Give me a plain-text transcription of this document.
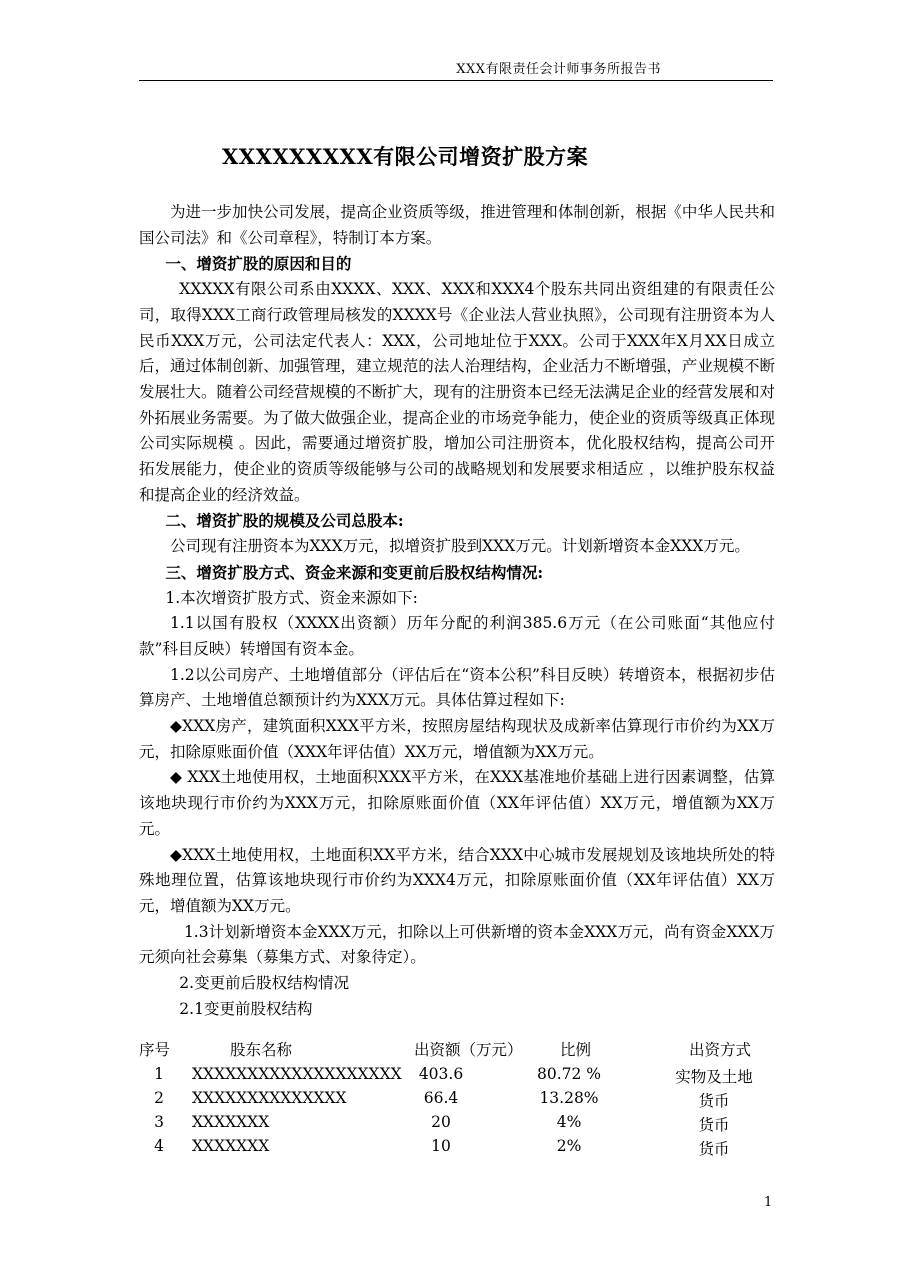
XXX有限责任会计师事务所报告书
XXXXXXXXX有限公司增资扩股方案

为进一步加快公司发展，提高企业资质等级，推进管理和体制创新，根据《中华人民共和国公司法》和《公司章程》，特制订本方案。

一、增资扩股的原因和目的

XXXXX有限公司系由XXXX、XXX、XXX和XXX4个股东共同出资组建的有限责任公司，取得XXX工商行政管理局核发的XXXX号《企业法人营业执照》，公司现有注册资本为人民币XXX万元，公司法定代表人：XXX，公司地址位于XXX。公司于XXX年X月XX日成立后，通过体制创新、加强管理，建立规范的法人治理结构，企业活力不断增强，产业规模不断发展壮大。随着公司经营规模的不断扩大，现有的注册资本已经无法满足企业的经营发展和对外拓展业务需要。为了做大做强企业，提高企业的市场竞争能力，使企业的资质等级真正体现公司实际规模 。因此，需要通过增资扩股，增加公司注册资本，优化股权结构，提高公司开拓发展能力，使企业的资质等级能够与公司的战略规划和发展要求相适应 ，以维护股东权益和提高企业的经济效益。

二、增资扩股的规模及公司总股本:

公司现有注册资本为XXX万元，拟增资扩股到XXX万元。计划新增资本金XXX万元。

三、增资扩股方式、资金来源和变更前后股权结构情况:

1.本次增资扩股方式、资金来源如下:

1.1以国有股权（XXXX出资额）历年分配的利润385.6万元（在公司账面“其他应付款”科目反映）转增国有资本金。

1.2以公司房产、土地增值部分（评估后在“资本公积”科目反映）转增资本，根据初步估算房产、土地增值总额预计约为XXX万元。具体估算过程如下:

◆XXX房产，建筑面积XXX平方米，按照房屋结构现状及成新率估算现行市价约为XX万元，扣除原账面价值（XXX年评估值）XX万元，增值额为XX万元。

◆ XXX土地使用权，土地面积XXX平方米，在XXX基准地价基础上进行因素调整，估算该地块现行市价约为XXX万元，扣除原账面价值（XX年评估值）XX万元，增值额为XX万元。

◆XXX土地使用权，土地面积XX平方米，结合XXX中心城市发展规划及该地块所处的特殊地理位置，估算该地块现行市价约为XXX4万元，扣除原账面价值（XX年评估值）XX万元，增值额为XX万元。

1.3计划新增资本金XXX万元，扣除以上可供新增的资本金XXX万元，尚有资金XXX万元须向社会募集（募集方式、对象待定）。

2.变更前后股权结构情况

2.1变更前股权结构

序号	股东名称	出资额（万元） 比例	出资方式
1	XXXXXXXXXXXXXXXXXXX	403.6	80.72 %	实物及土地
2	XXXXXXXXXXXXXX	66.4	13.28%	货币
3	XXXXXXX	20	4%	货币
4	XXXXXXX	10	2%	货币
1
